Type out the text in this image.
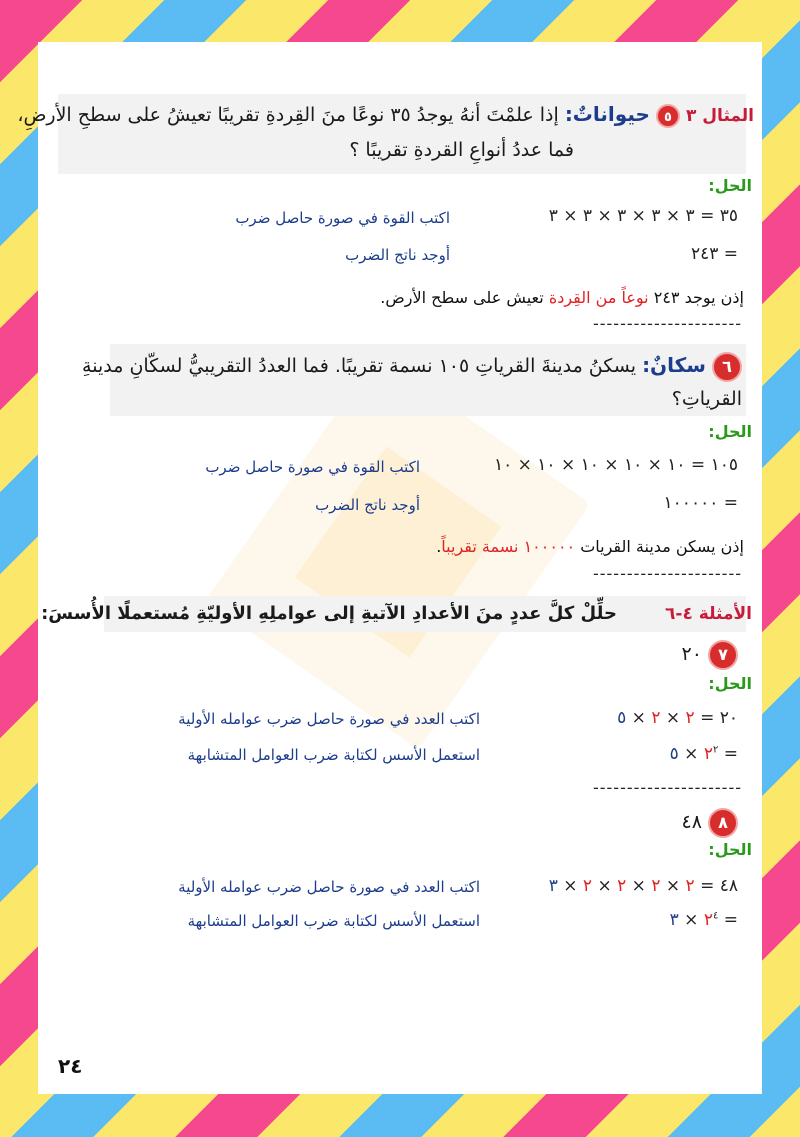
المثال ٣ ٥ حيواناتٌ: إذا علمْتَ أنهُ يوجدُ ٣٥ نوعًا منَ القِردةِ تقريبًا تعيشُ على سطحِ الأرضِ،
فما عددُ أنواعِ القردةِ تقريبًا ؟
الحل:
٣٥ = ٣ × ٣ × ٣ × ٣ × ٣
اكتب القوة في صورة حاصل ضرب
= ٢٤٣
أوجد ناتج الضرب
إذن يوجد ٢٤٣ نوعاً من القِردة تعيش على سطح الأرض.
----------------------
٦ سكانٌ: يسكنُ مدينةَ القرياتِ ١٠٥ نسمة تقريبًا. فما العددُ التقريبيُّ لسكّانِ مدينةِ
القرياتِ؟
الحل:
١٠٥ = ١٠ × ١٠ × ١٠ × ١٠ × ١٠
اكتب القوة في صورة حاصل ضرب
= ١٠٠٠٠٠
أوجد ناتج الضرب
إذن يسكن مدينة القريات ١٠٠٠٠٠ نسمة تقريباً.
----------------------
الأمثلة ٤-٦  حلِّلْ كلَّ عددٍ منَ الأعدادِ الآتيةِ إلى عواملِهِ الأوليّةِ مُستعملًا الأُسسَ:
٧ ٢٠
الحل:
٢٠ = ٢ × ٢ × ٥
اكتب العدد في صورة حاصل ضرب عوامله الأولية
= $٢^٢$ × ٥
استعمل الأسس لكتابة ضرب العوامل المتشابهة
----------------------
٨ ٤٨
الحل:
٤٨ = ٢ × ٢ × ٢ × ٢ × ٣
اكتب العدد في صورة حاصل ضرب عوامله الأولية
= $٢^٤$ × ٣
استعمل الأسس لكتابة ضرب العوامل المتشابهة
٢٤
